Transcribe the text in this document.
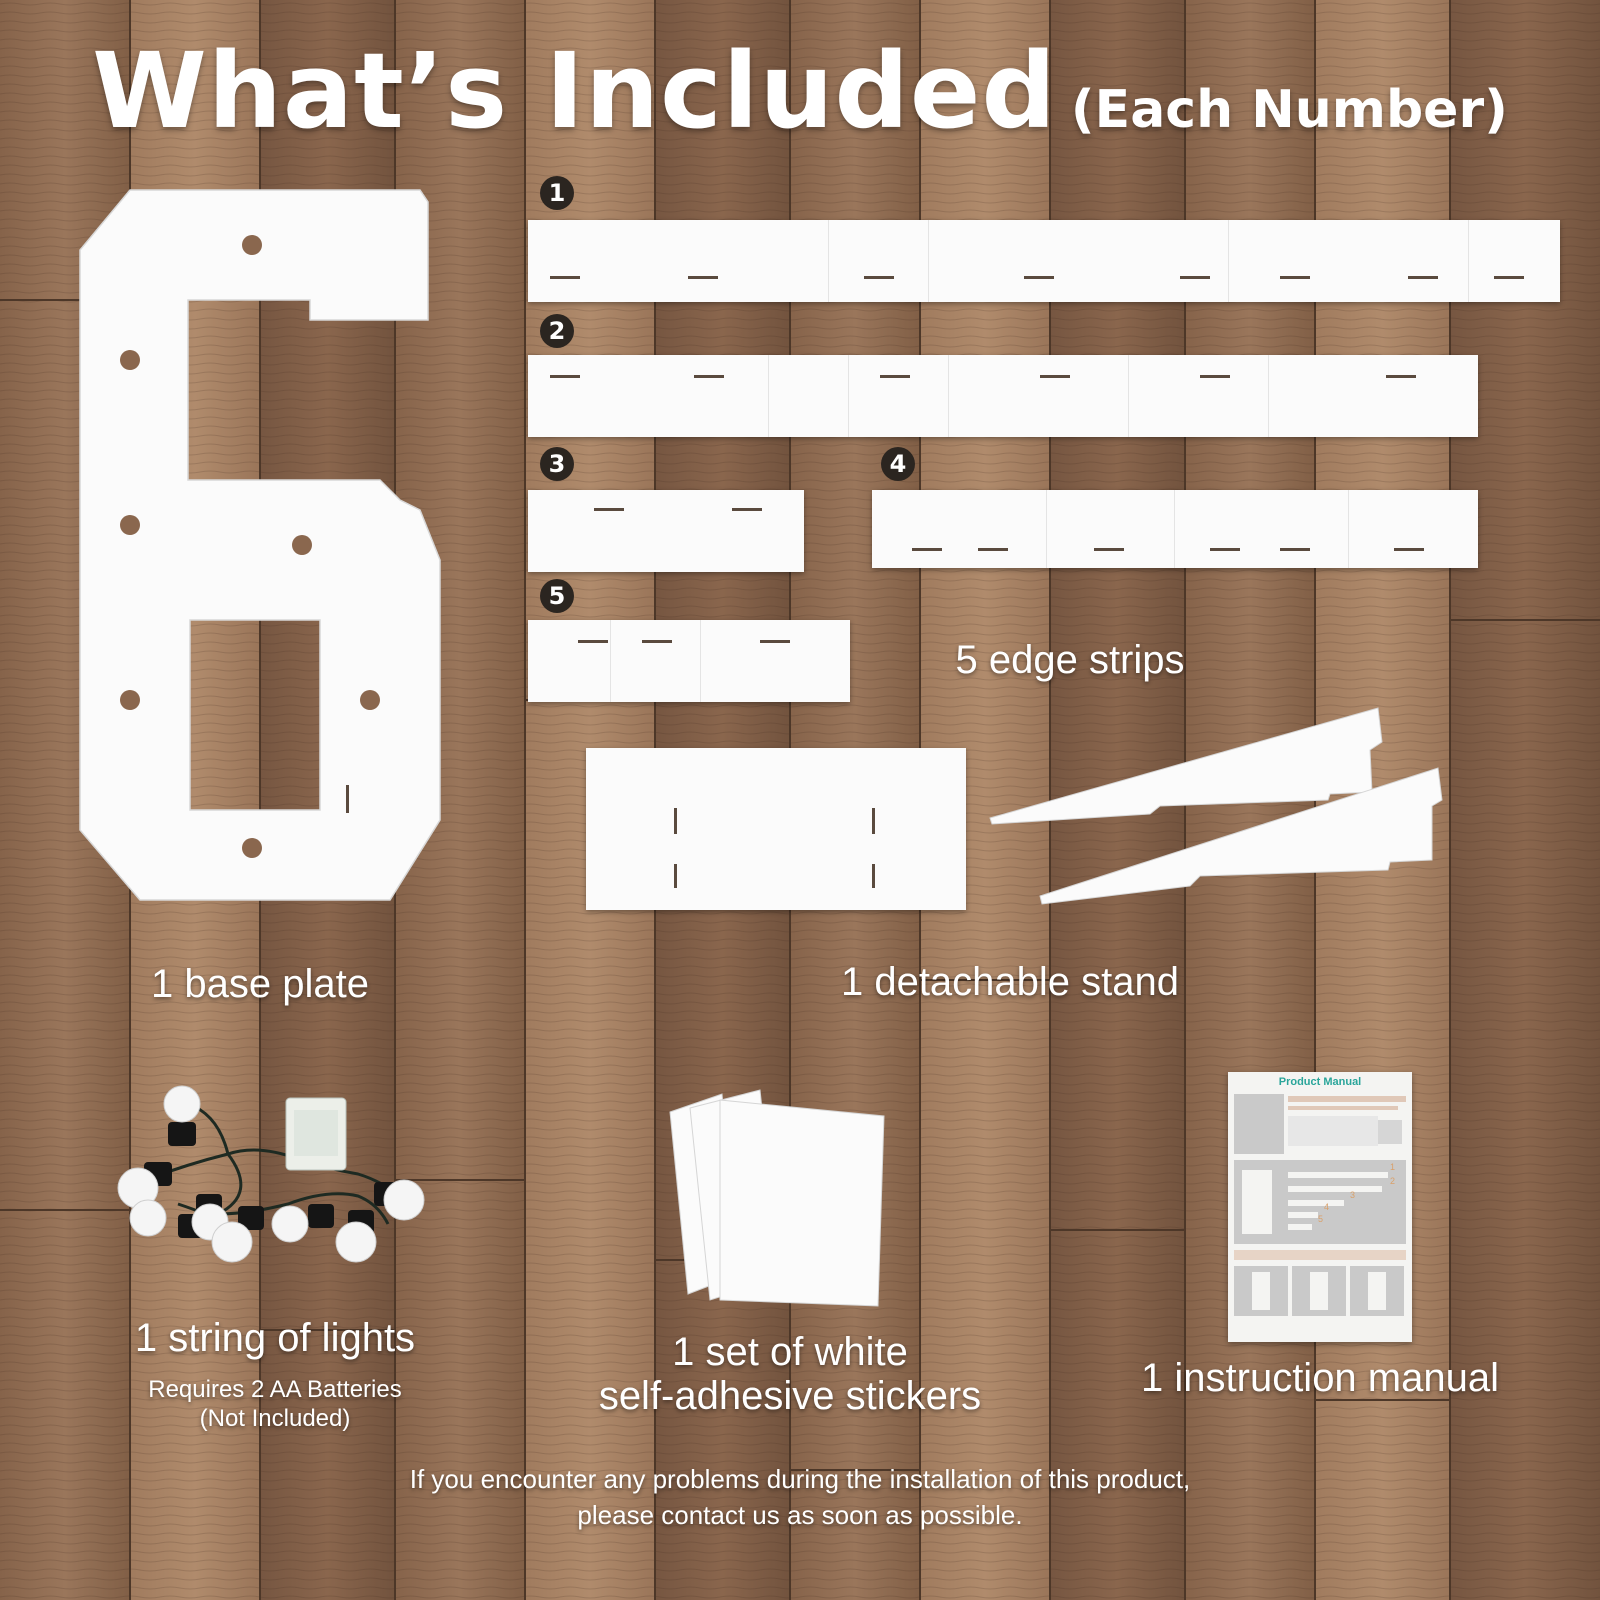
What’s Included (Each Number)
1
2
3	4
5
1 base plate
5 edge strips
1 detachable stand
1 string of lights
Requires 2 AA Batteries
(Not Included)
1 set of white
self-adhesive stickers
Product Manual
1
2
3
4
5
1 instruction manual
If you encounter any problems during the installation of this product,
please contact us as soon as possible.
